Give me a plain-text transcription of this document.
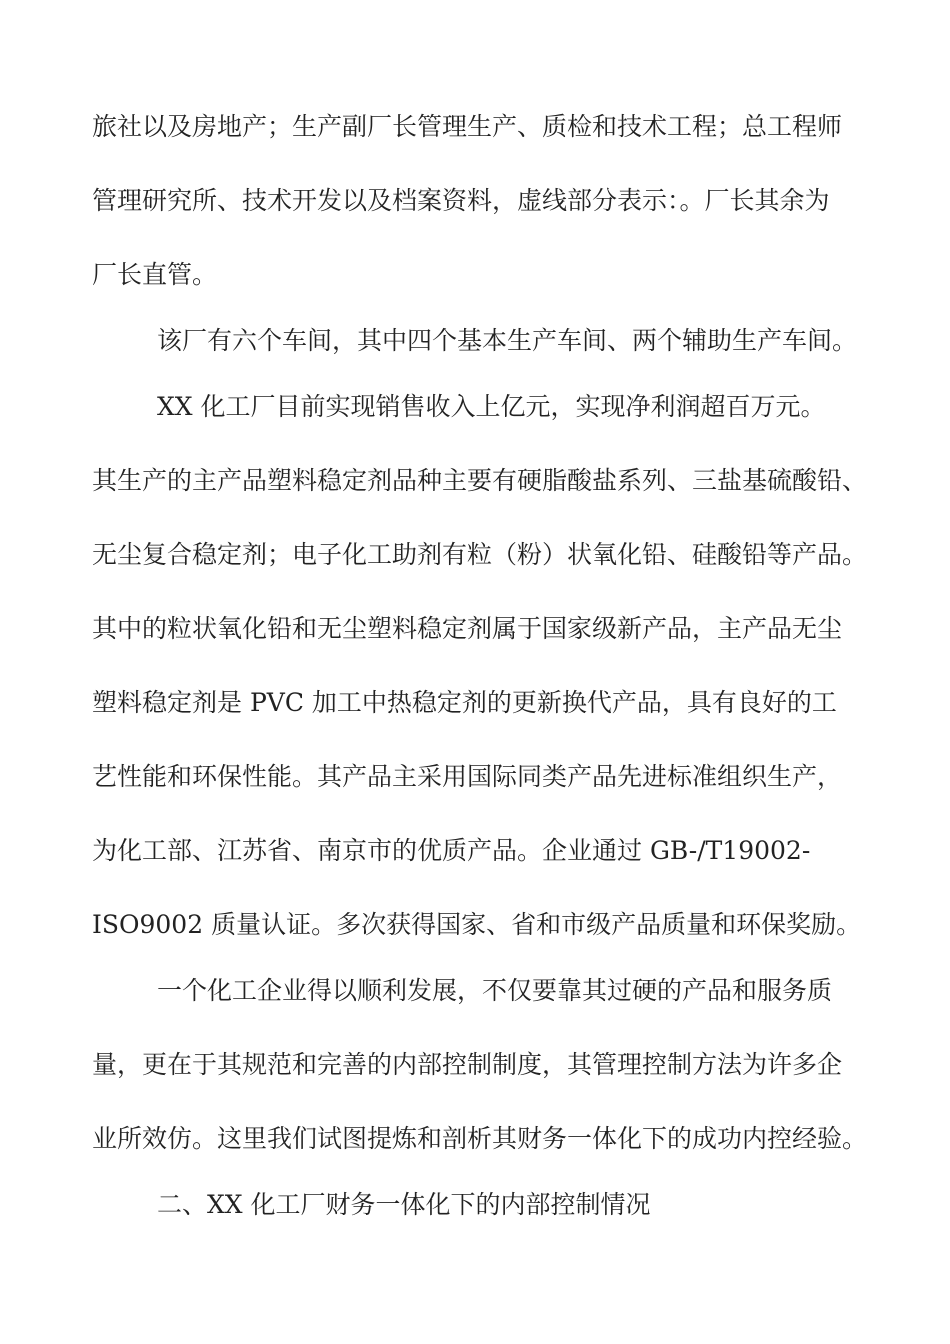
旅社以及房地产；生产副厂长管理生产、质检和技术工程；总工程师
管理研究所、技术开发以及档案资料，虚线部分表示：。厂长其余为
厂长直管。
该厂有六个车间，其中四个基本生产车间、两个辅助生产车间。
XX 化工厂目前实现销售收入上亿元，实现净利润超百万元。
其生产的主产品塑料稳定剂品种主要有硬脂酸盐系列、三盐基硫酸铅、
无尘复合稳定剂；电子化工助剂有粒（粉）状氧化铅、硅酸铅等产品。
其中的粒状氧化铅和无尘塑料稳定剂属于国家级新产品，主产品无尘
塑料稳定剂是 PVC 加工中热稳定剂的更新换代产品，具有良好的工
艺性能和环保性能。其产品主采用国际同类产品先进标准组织生产，
为化工部、江苏省、南京市的优质产品。企业通过 GB-/T19002-
ISO9002 质量认证。多次获得国家、省和市级产品质量和环保奖励。
一个化工企业得以顺利发展，不仅要靠其过硬的产品和服务质
量，更在于其规范和完善的内部控制制度，其管理控制方法为许多企
业所效仿。这里我们试图提炼和剖析其财务一体化下的成功内控经验。
二、XX 化工厂财务一体化下的内部控制情况
